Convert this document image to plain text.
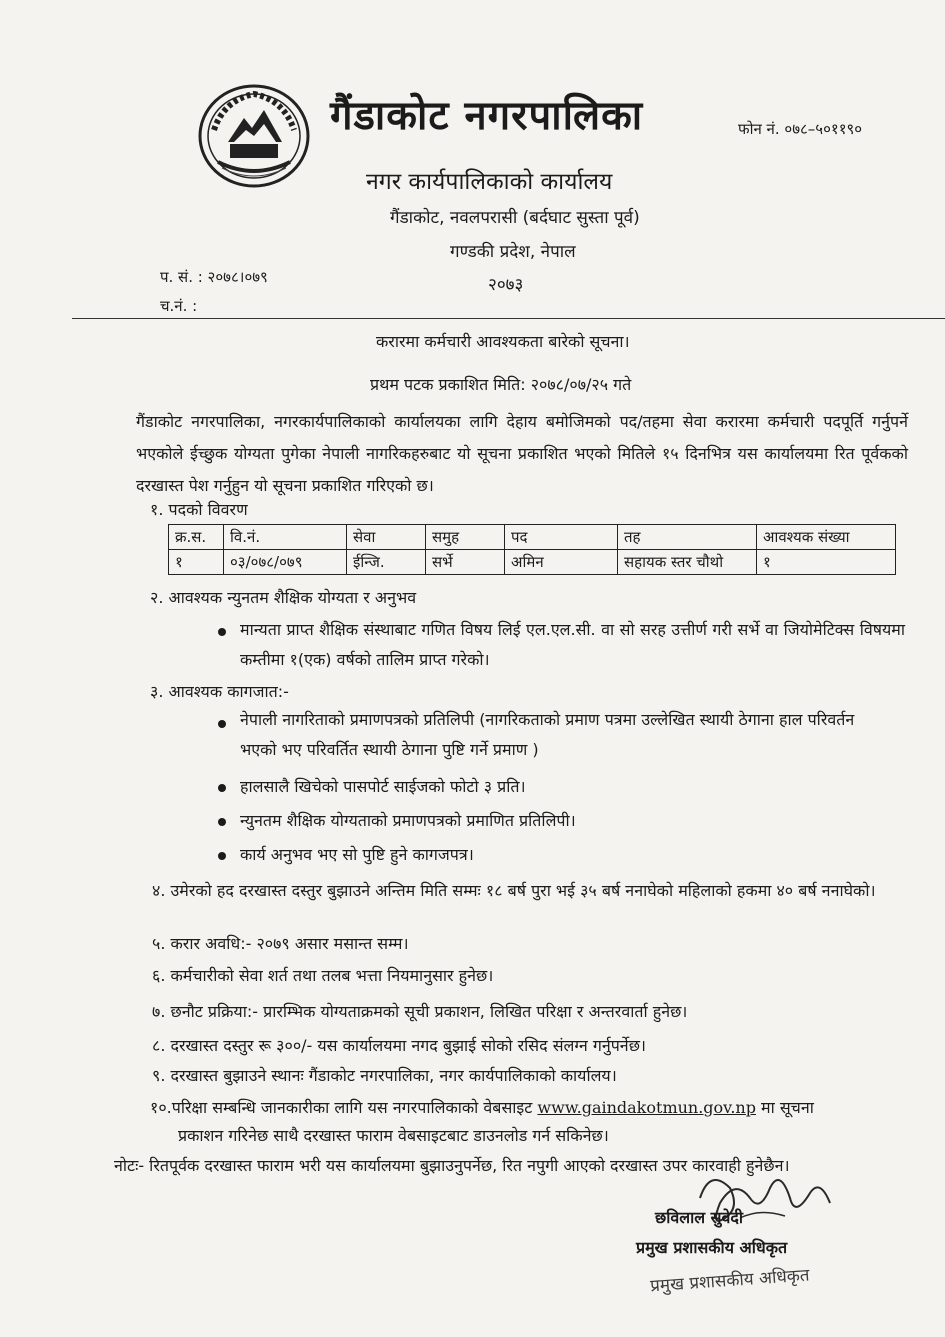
गैंडाकोट नगरपालिका	फोन नं. ०७८–५०११९०
नगर कार्यपालिकाको कार्यालय
गैंडाकोट, नवलपरासी (बर्दघाट सुस्ता पूर्व)
गण्डकी प्रदेश, नेपाल
२०७३
प. सं. : २०७८।०७९
च.नं. :
करारमा कर्मचारी आवश्यकता बारेको सूचना।
प्रथम पटक प्रकाशित मिति: २०७८/०७/२५ गते
गैंडाकोट नगरपालिका, नगरकार्यपालिकाको कार्यालयका लागि देहाय बमोजिमको पद/तहमा सेवा करारमा कर्मचारी पदपूर्ति गर्नुपर्ने भएकोले ईच्छुक योग्यता पुगेका नेपाली नागरिकहरुबाट यो सूचना प्रकाशित भएको मितिले १५ दिनभित्र यस कार्यालयमा रित पूर्वकको दरखास्त पेश गर्नुहुन यो सूचना प्रकाशित गरिएको छ।
१. पदको विवरण
क्र.स.	वि.नं.	सेवा	समुह	पद	तह	आवश्यक संख्या
१	०३/०७८/०७९	ईन्जि.	सर्भे	अमिन	सहायक स्तर चौथो	१
२. आवश्यक न्युनतम शैक्षिक योग्यता र अनुभव
मान्यता प्राप्त शैक्षिक संस्थाबाट गणित विषय लिई एल.एल.सी. वा सो सरह उत्तीर्ण गरी सर्भे वा जियोमेटिक्स विषयमा कम्तीमा १(एक) वर्षको तालिम प्राप्त गरेको।
३. आवश्यक कागजात:-
नेपाली नागरिताको प्रमाणपत्रको प्रतिलिपी (नागरिकताको प्रमाण पत्रमा उल्लेखित स्थायी ठेगाना हाल परिवर्तन भएको भए परिवर्तित स्थायी ठेगाना पुष्टि गर्ने प्रमाण )
हालसालै खिचेको पासपोर्ट साईजको फोटो ३ प्रति।
न्युनतम शैक्षिक योग्यताको प्रमाणपत्रको प्रमाणित प्रतिलिपी।
कार्य अनुभव भए सो पुष्टि हुने कागजपत्र।
४. उमेरको हद दरखास्त दस्तुर बुझाउने अन्तिम मिति सम्मः १८ बर्ष पुरा भई ३५ बर्ष ननाघेको महिलाको हकमा ४० बर्ष ननाघेको।
५. करार अवधि:- २०७९ असार मसान्त सम्म।
६. कर्मचारीको सेवा शर्त तथा तलब भत्ता नियमानुसार हुनेछ।
७. छनौट प्रक्रिया:- प्रारम्भिक योग्यताक्रमको सूची प्रकाशन, लिखित परिक्षा र अन्तरवार्ता हुनेछ।
८. दरखास्त दस्तुर रू ३००/- यस कार्यालयमा नगद बुझाई सोको रसिद संलग्न गर्नुपर्नेछ।
९. दरखास्त बुझाउने स्थानः गैंडाकोट नगरपालिका, नगर कार्यपालिकाको कार्यालय।
१०.परिक्षा सम्बन्धि जानकारीका लागि यस नगरपालिकाको वेबसाइट www.gaindakotmun.gov.np मा सूचना
प्रकाशन गरिनेछ साथै दरखास्त फाराम वेबसाइटबाट डाउनलोड गर्न सकिनेछ।
नोटः- रितपूर्वक दरखास्त फाराम भरी यस कार्यालयमा बुझाउनुपर्नेछ, रित नपुगी आएको दरखास्त उपर कारवाही हुनेछैन।
छविलाल सुवेदी
प्रमुख प्रशासकीय अधिकृत
प्रमुख प्रशासकीय अधिकृत
